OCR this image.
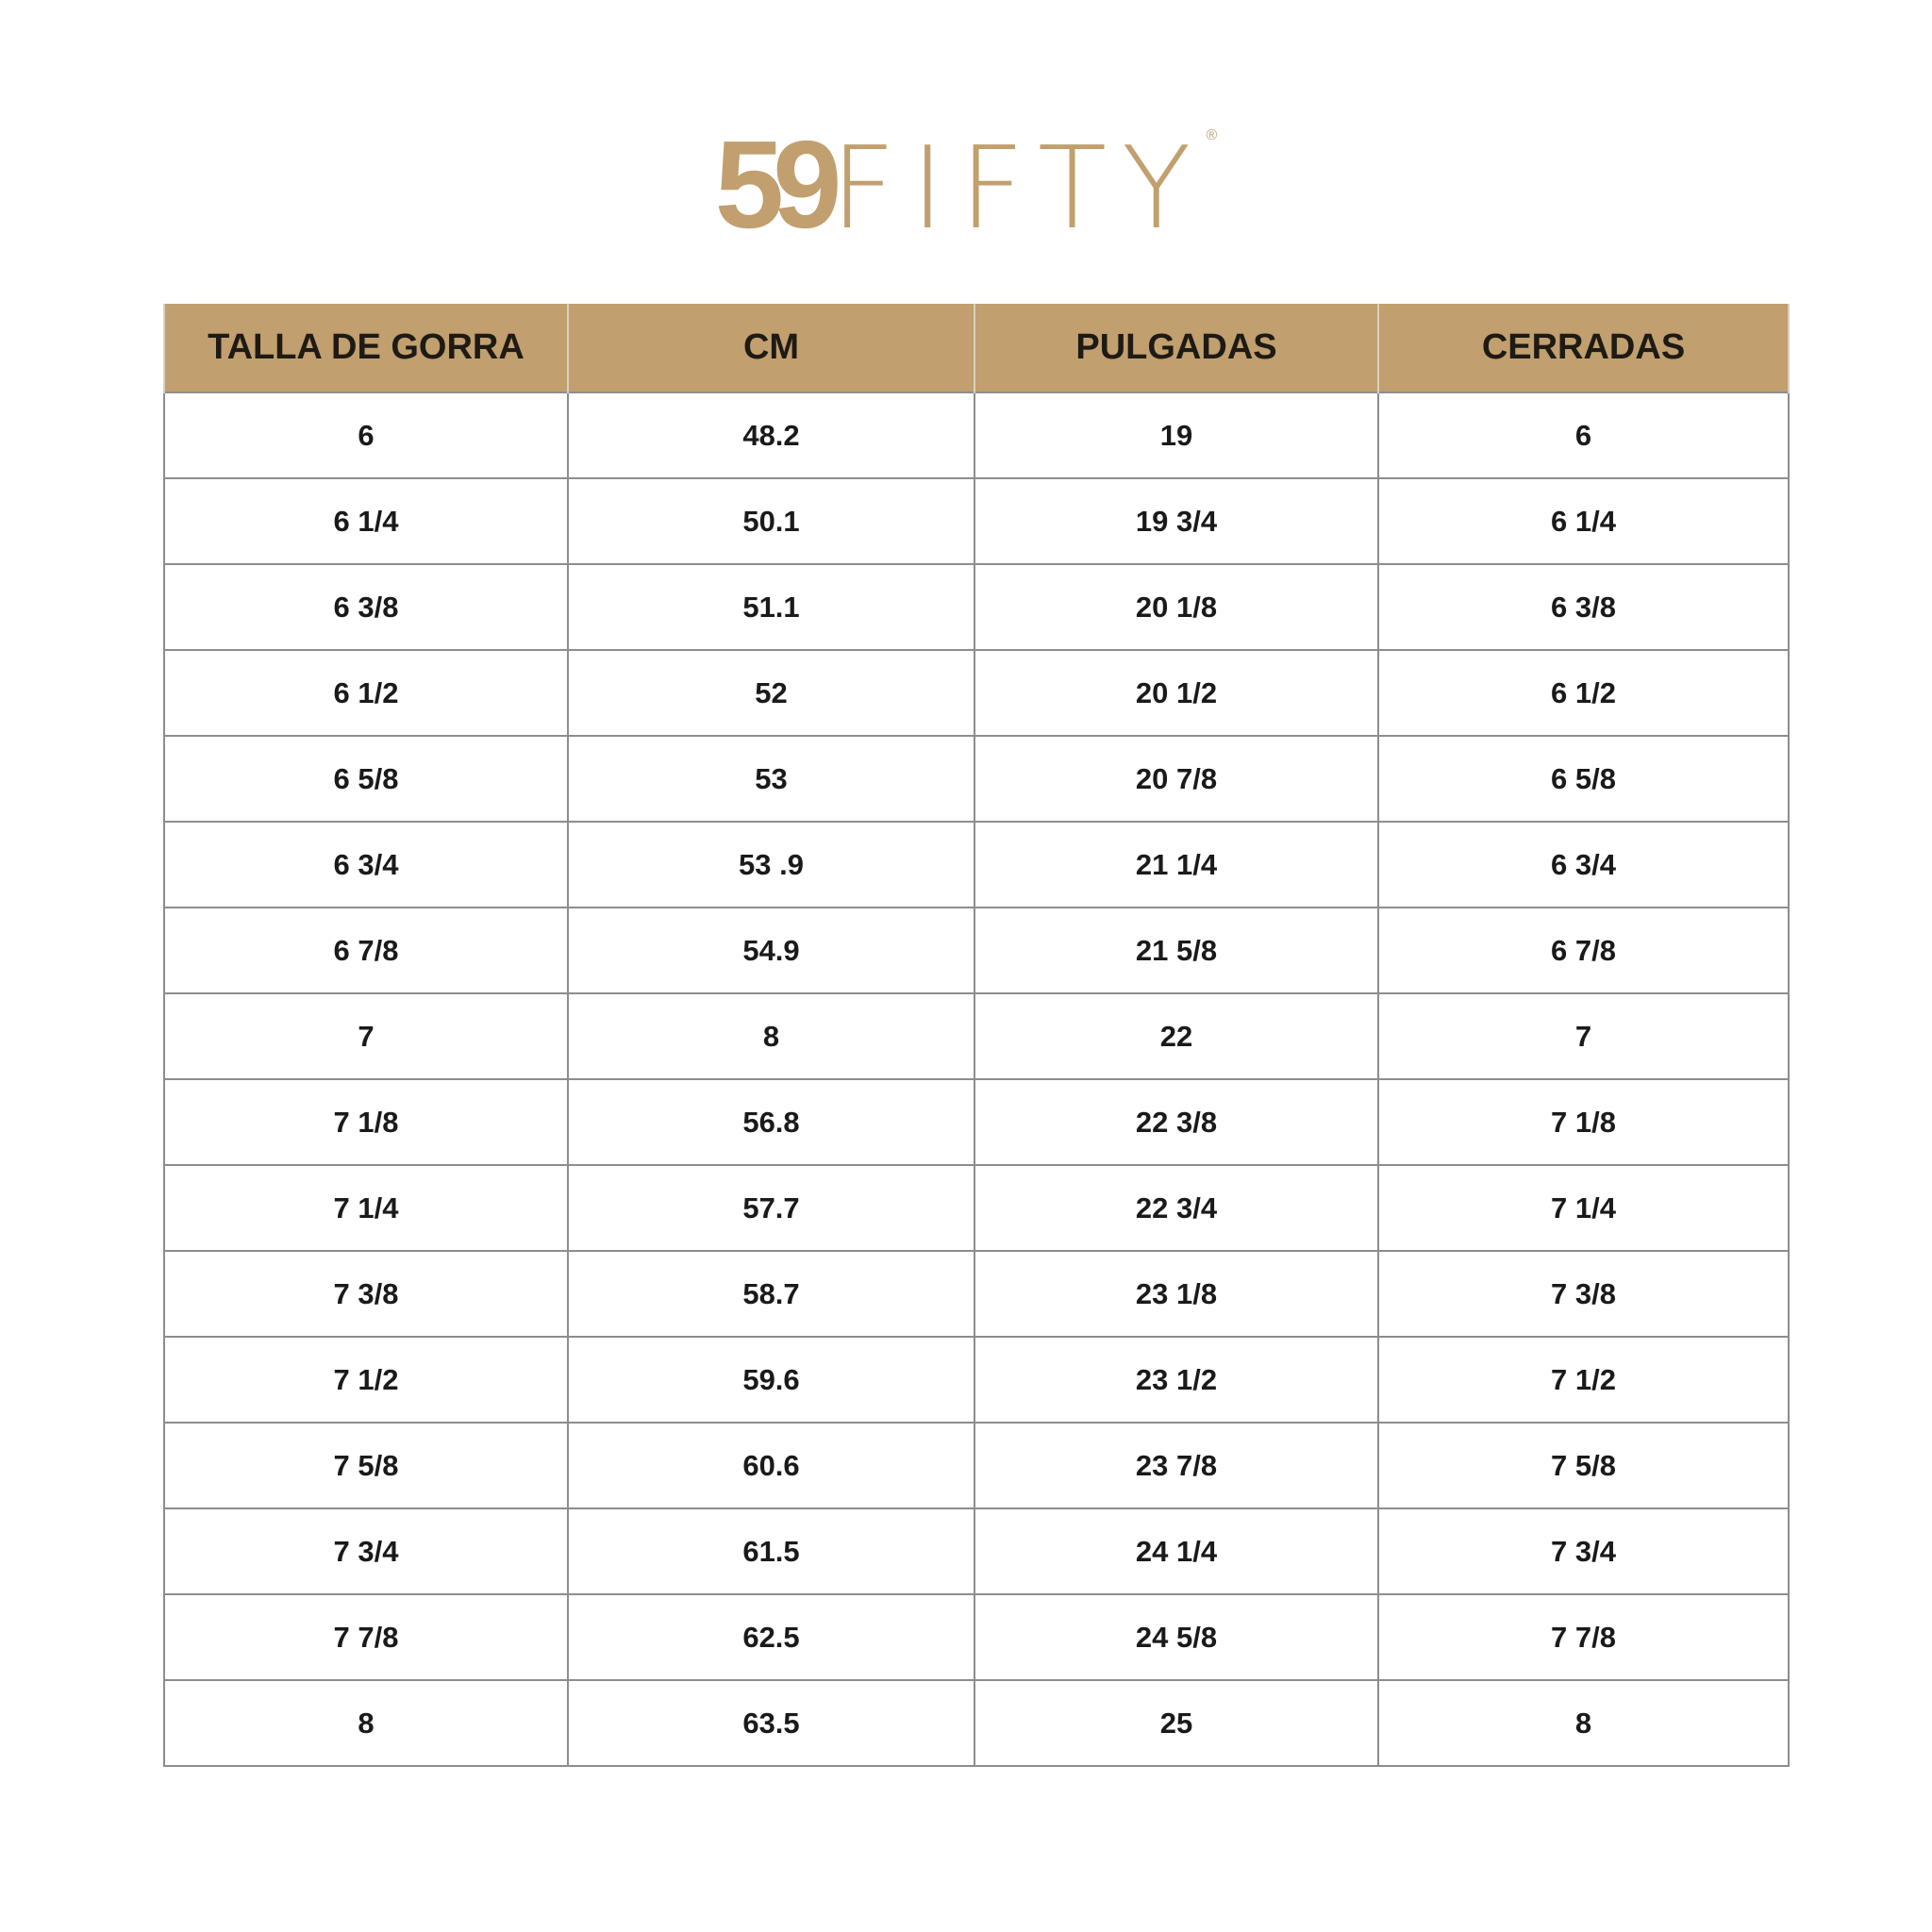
59FIFTY®
TALLA DE GORRA	CM	PULGADAS	CERRADAS
6	48.2	19	6
6 1/4	50.1	19 3/4	6 1/4
6 3/8	51.1	20 1/8	6 3/8
6 1/2	52	20 1/2	6 1/2
6 5/8	53	20 7/8	6 5/8
6 3/4	53 .9	21 1/4	6 3/4
6 7/8	54.9	21 5/8	6 7/8
7	8	22	7
7 1/8	56.8	22 3/8	7 1/8
7 1/4	57.7	22 3/4	7 1/4
7 3/8	58.7	23 1/8	7 3/8
7 1/2	59.6	23 1/2	7 1/2
7 5/8	60.6	23 7/8	7 5/8
7 3/4	61.5	24 1/4	7 3/4
7 7/8	62.5	24 5/8	7 7/8
8	63.5	25	8
